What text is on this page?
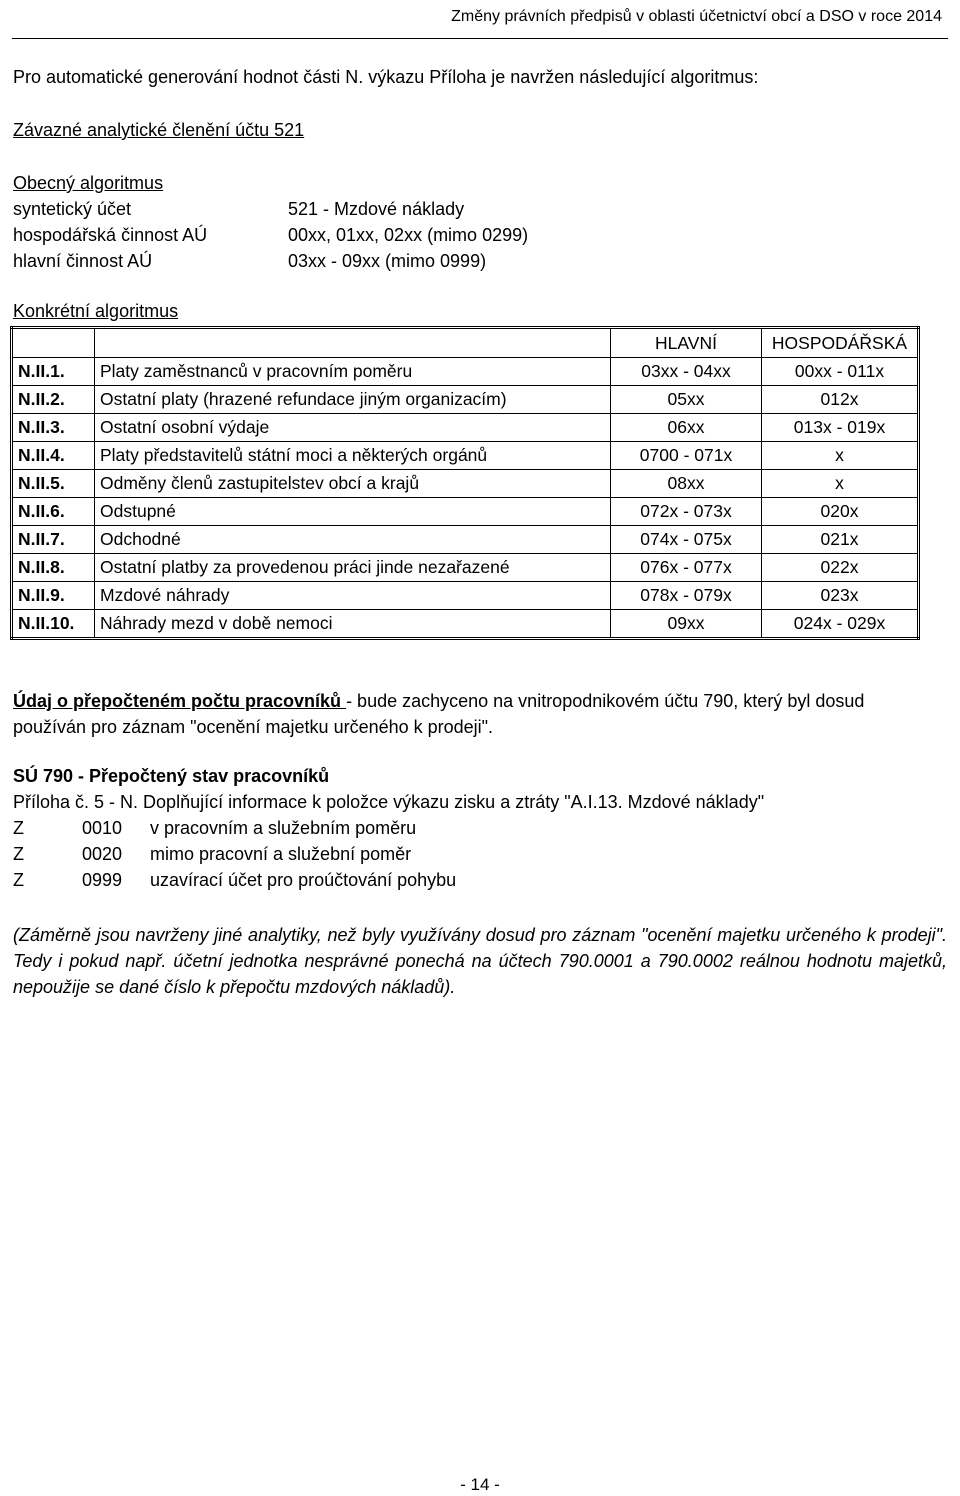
Změny právních předpisů v oblasti účetnictví obcí a DSO v roce 2014
Pro automatické generování hodnot části N. výkazu Příloha je navržen následující algoritmus:
Závazné analytické členění účtu 521
Obecný algoritmus
syntetický účet	521 - Mzdové náklady
hospodářská činnost AÚ	00xx, 01xx, 02xx (mimo 0299)
hlavní činnost AÚ	03xx - 09xx (mimo 0999)
Konkrétní algoritmus
		HLAVNÍ	HOSPODÁŘSKÁ
N.II.1.	Platy zaměstnanců v pracovním poměru	03xx - 04xx	00xx - 011x
N.II.2.	Ostatní platy (hrazené refundace jiným organizacím)	05xx	012x
N.II.3.	Ostatní osobní výdaje	06xx	013x - 019x
N.II.4.	Platy představitelů státní moci a některých orgánů	0700 - 071x	x
N.II.5.	Odměny členů zastupitelstev obcí a krajů	08xx	x
N.II.6.	Odstupné	072x - 073x	020x
N.II.7.	Odchodné	074x - 075x	021x
N.II.8.	Ostatní platby za provedenou práci jinde nezařazené	076x - 077x	022x
N.II.9.	Mzdové náhrady	078x - 079x	023x
N.II.10.	Náhrady mezd v době nemoci	09xx	024x - 029x
Údaj o přepočteném počtu pracovníků - bude zachyceno na vnitropodnikovém účtu 790, který byl dosud
používán pro záznam "ocenění majetku určeného k prodeji".
SÚ 790 - Přepočtený stav pracovníků
Příloha č. 5 - N. Doplňující informace k položce výkazu zisku a ztráty "A.I.13. Mzdové náklady"
Z	0010	v pracovním a služebním poměru
Z	0020	mimo pracovní a služební poměr
Z	0999	uzavírací účet pro proúčtování pohybu
(Záměrně jsou navrženy jiné analytiky, než byly využívány dosud pro záznam "ocenění majetku určeného k prodeji". Tedy i pokud např. účetní jednotka nesprávné ponechá na účtech 790.0001 a 790.0002 reálnou hodnotu majetků, nepoužije se dané číslo k přepočtu mzdových nákladů).
- 14 -
